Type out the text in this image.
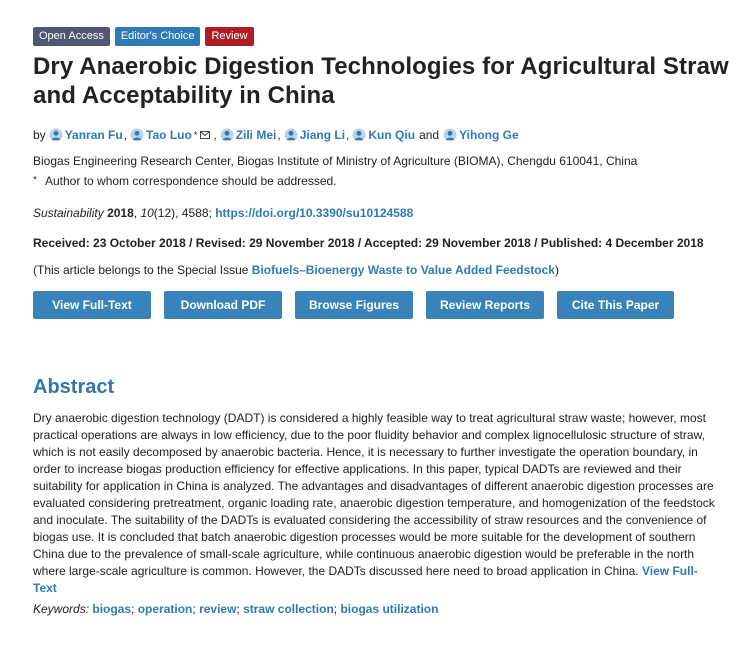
Open Access	Editor's Choice	Review
Dry Anaerobic Digestion Technologies for Agricultural Straw and Acceptability in China
by Yanran Fu , Tao Luo * , Zili Mei , Jiang Li , Kun Qiu and Yihong Ge
Biogas Engineering Research Center, Biogas Institute of Ministry of Agriculture (BIOMA), Chengdu 610041, China
* Author to whom correspondence should be addressed.
Sustainability 2018, 10(12), 4588; https://doi.org/10.3390/su10124588
Received: 23 October 2018 / Revised: 29 November 2018 / Accepted: 29 November 2018 / Published: 4 December 2018
(This article belongs to the Special Issue Biofuels–Bioenergy Waste to Value Added Feedstock)
View Full-Text	Download PDF	Browse Figures	Review Reports	Cite This Paper
Abstract

Dry anaerobic digestion technology (DADT) is considered a highly feasible way to treat agricultural straw waste; however, most practical operations are always in low efficiency, due to the poor fluidity behavior and complex lignocellulosic structure of straw, which is not easily decomposed by anaerobic bacteria. Hence, it is necessary to further investigate the operation boundary, in order to increase biogas production efficiency for effective applications. In this paper, typical DADTs are reviewed and their suitability for application in China is analyzed. The advantages and disadvantages of different anaerobic digestion processes are evaluated considering pretreatment, organic loading rate, anaerobic digestion temperature, and homogenization of the feedstock and inoculate. The suitability of the DADTs is evaluated considering the accessibility of straw resources and the convenience of biogas use. It is concluded that batch anaerobic digestion processes would be more suitable for the development of southern China due to the prevalence of small-scale agriculture, while continuous anaerobic digestion would be preferable in the north where large-scale agriculture is common. However, the DADTs discussed here need to broad application in China. View Full-Text

Keywords: biogas; operation; review; straw collection; biogas utilization
